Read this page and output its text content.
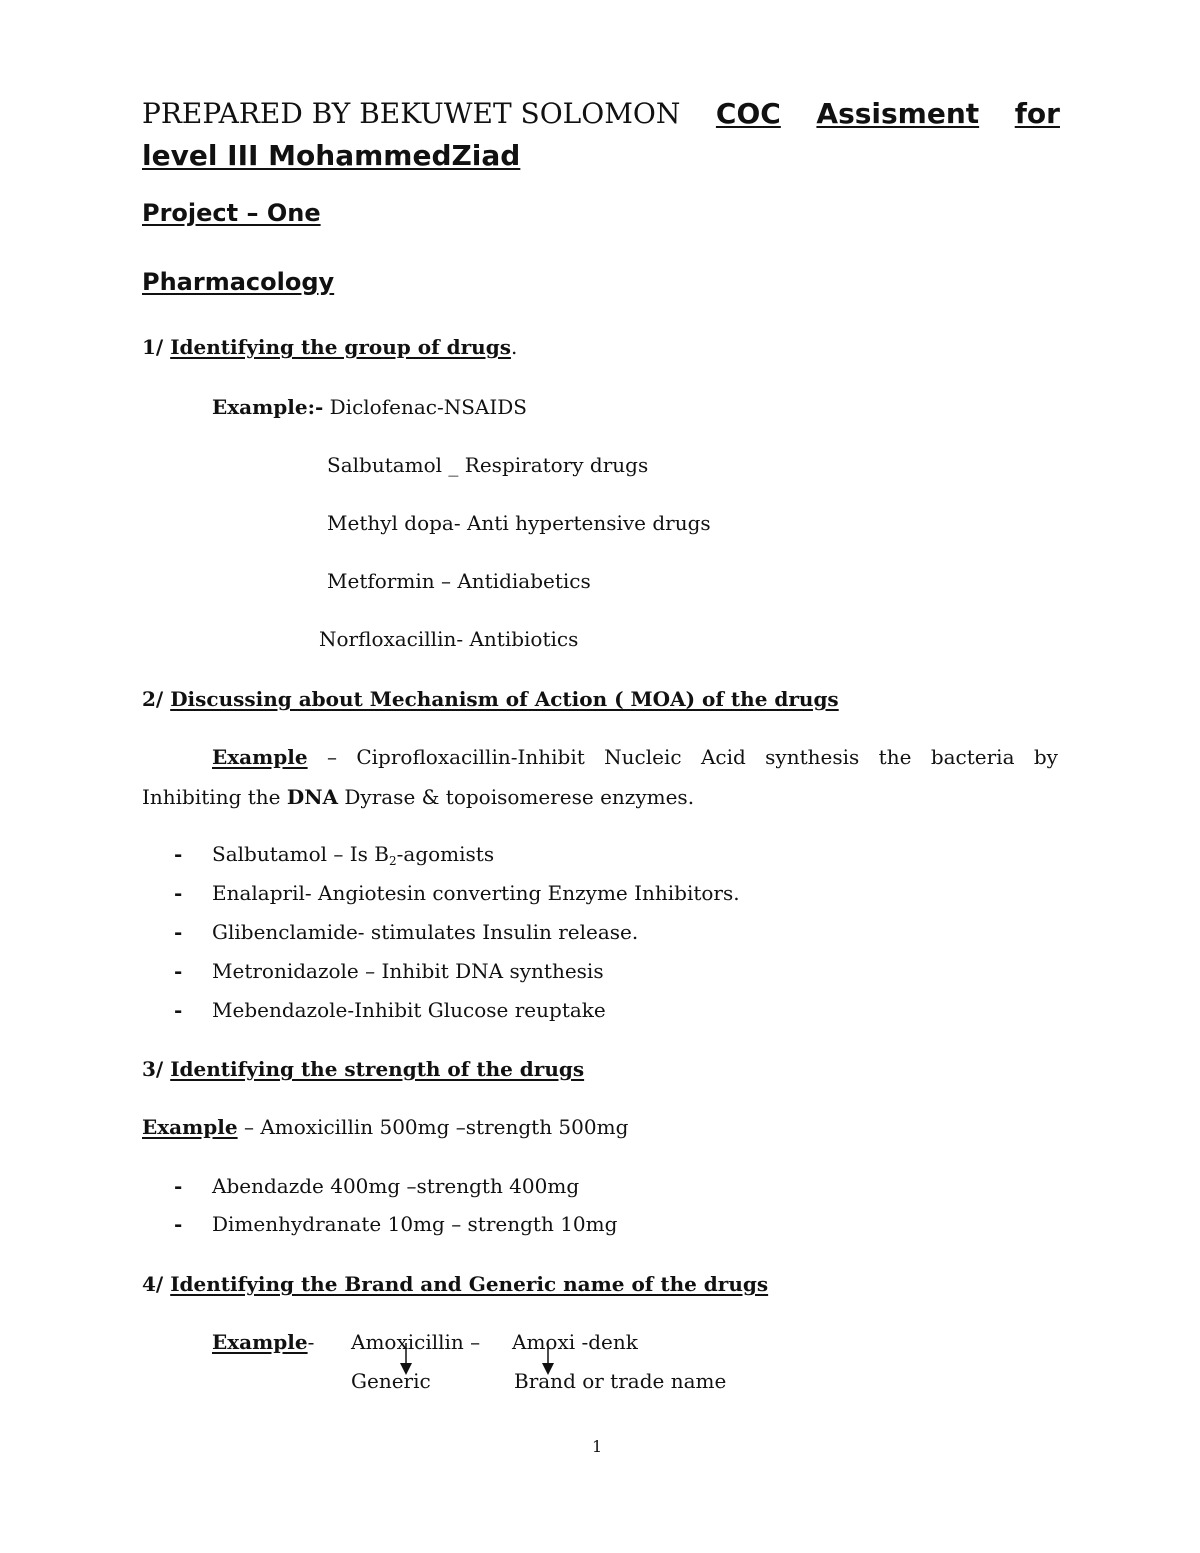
PREPARED BY BEKUWET SOLOMON COC Assisment for
level III MohammedZiad
Project – One
Pharmacology
1/ Identifying the group of drugs.
Example:- Diclofenac-NSAIDS
Salbutamol _ Respiratory drugs
Methyl dopa- Anti hypertensive drugs
Metformin – Antidiabetics
Norfloxacillin- Antibiotics
2/ Discussing about Mechanism of Action ( MOA) of the drugs
Example – Ciprofloxacillin-Inhibit Nucleic Acid synthesis the bacteria by
Inhibiting the DNA Dyrase & topoisomerese enzymes.
- Salbutamol – Is $B_2$-agomists
- Enalapril- Angiotesin converting Enzyme Inhibitors.
- Glibenclamide- stimulates Insulin release.
- Metronidazole – Inhibit DNA synthesis
- Mebendazole-Inhibit Glucose reuptake
3/ Identifying the strength of the drugs
Example – Amoxicillin 500mg –strength 500mg
- Abendazde 400mg –strength 400mg
- Dimenhydranate 10mg – strength 10mg
4/ Identifying the Brand and Generic name of the drugs
Example- Amoxicillin – Amoxi -denk
Generic	Brand or trade name
1
